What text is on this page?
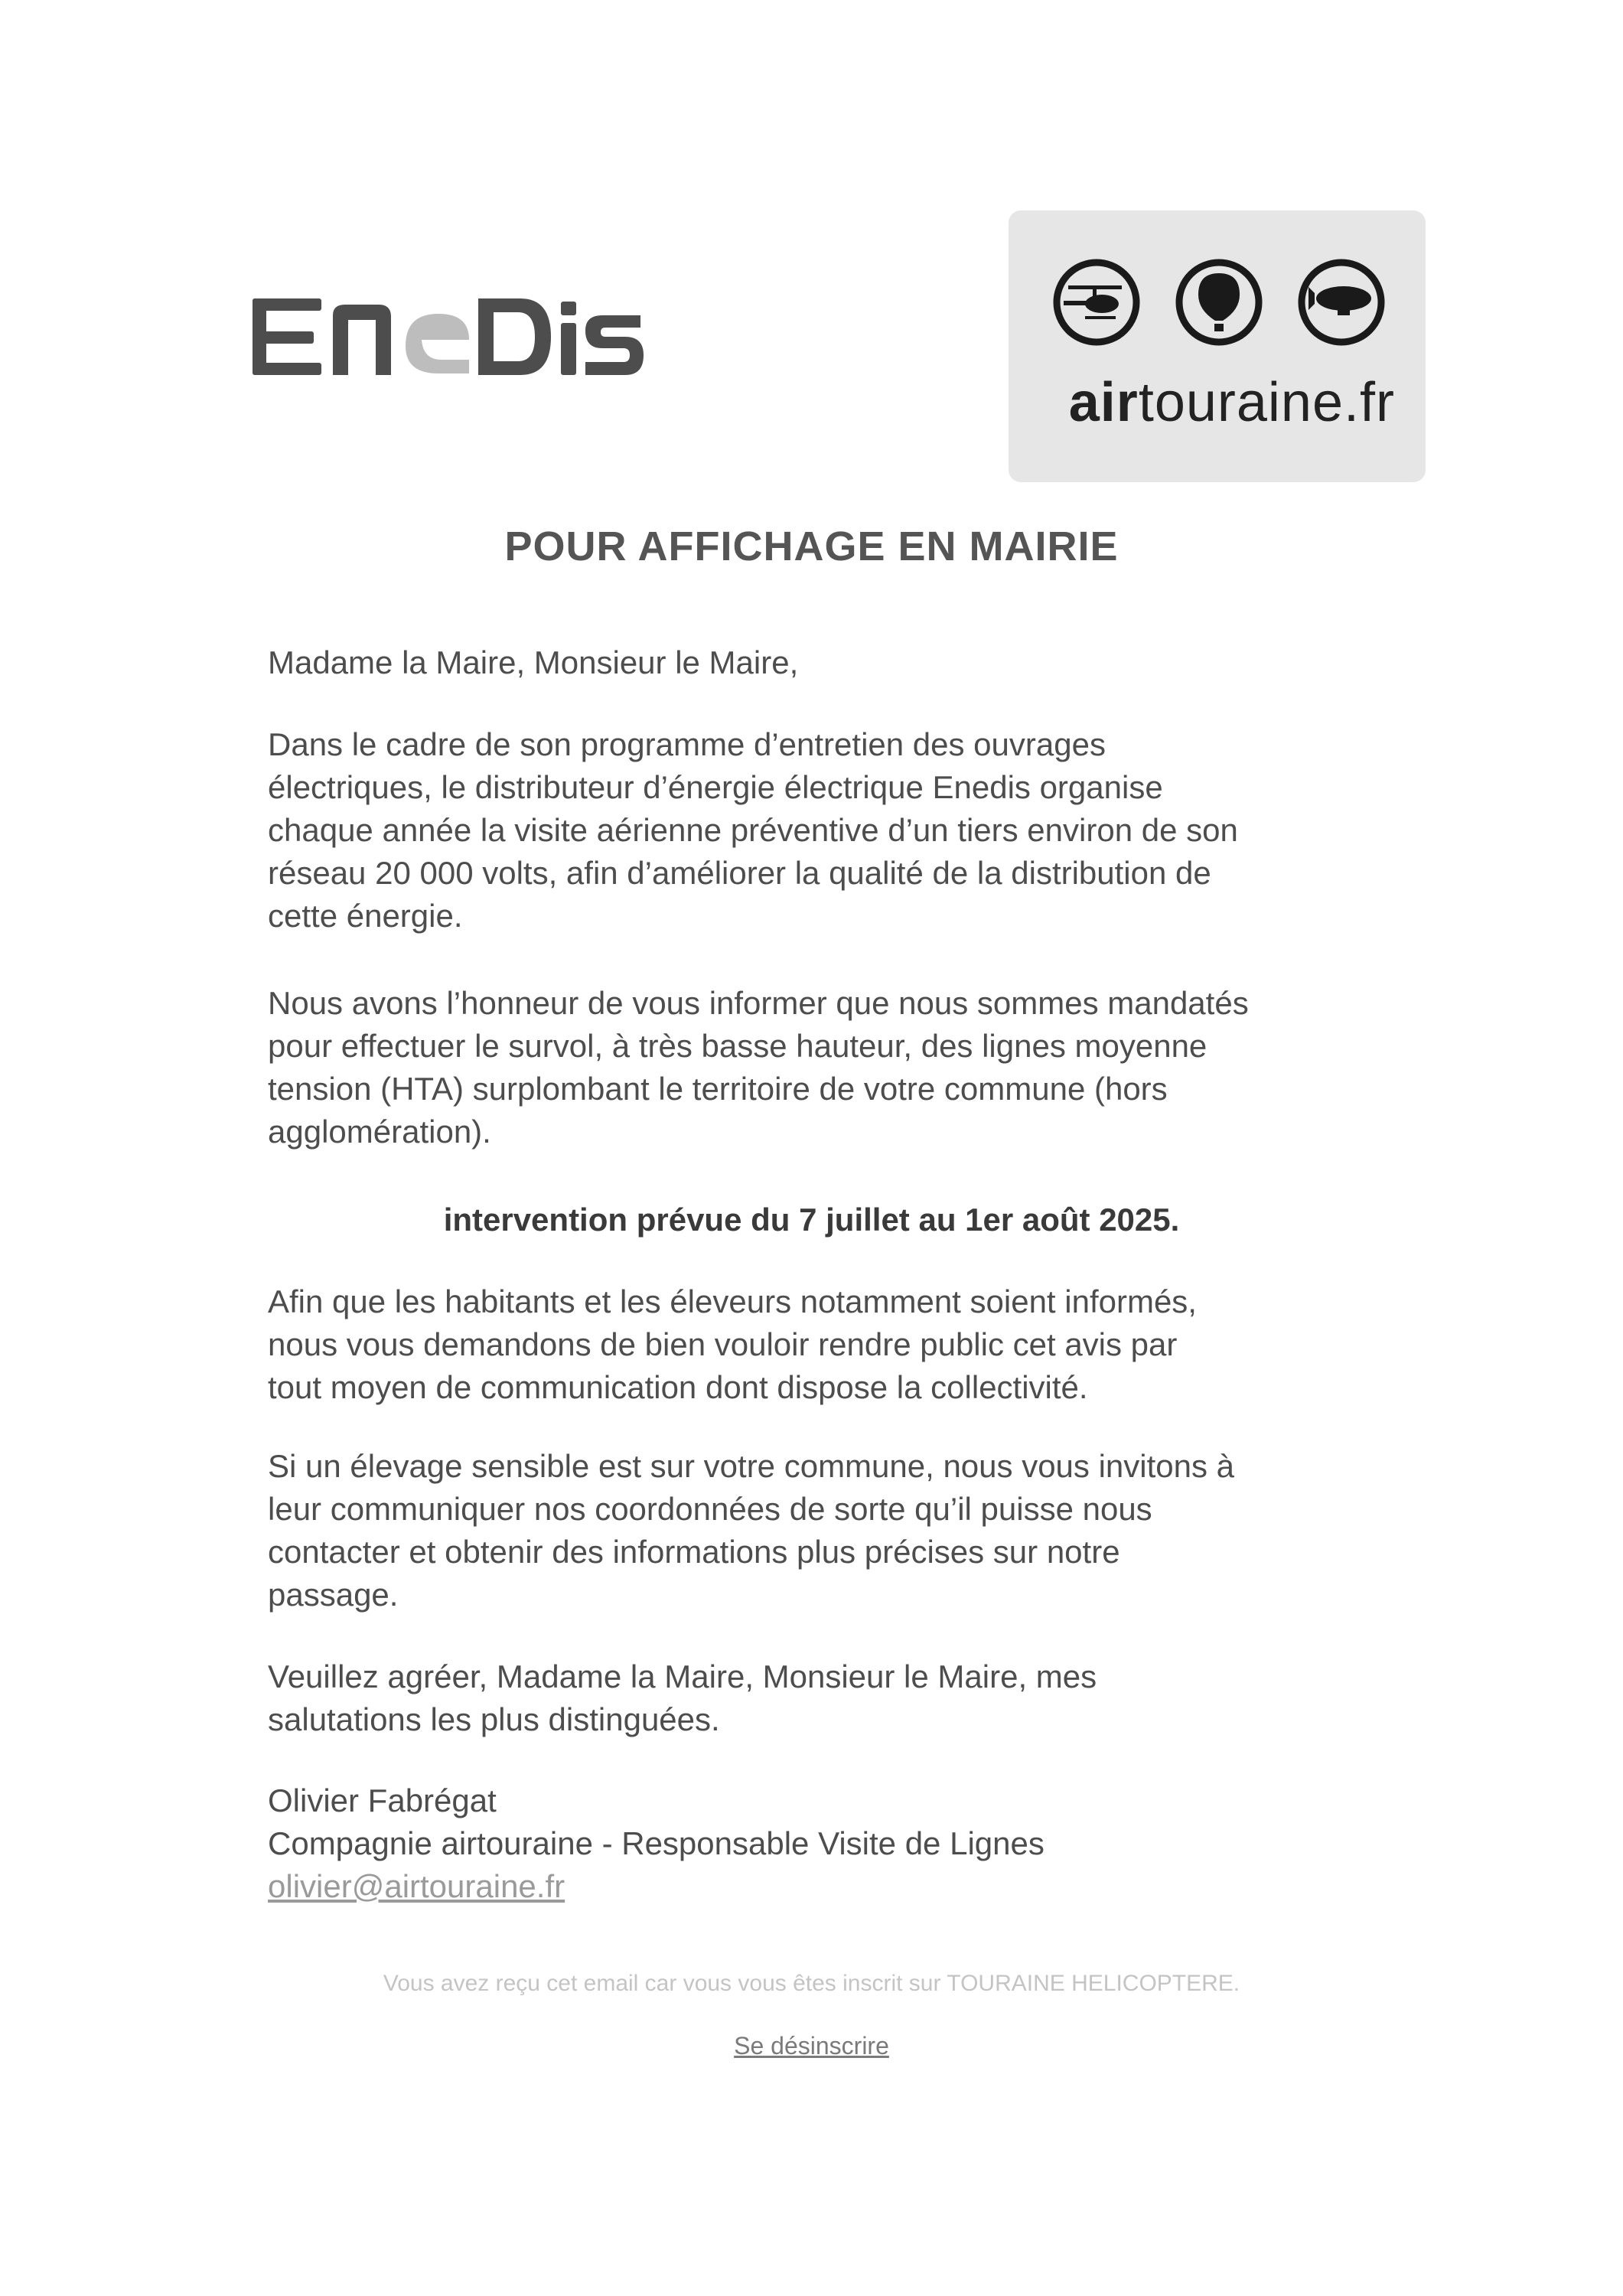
airtouraine.fr
POUR AFFICHAGE EN MAIRIE
Madame la Maire, Monsieur le Maire,
Dans le cadre de son programme d’entretien des ouvrages
électriques, le distributeur d’énergie électrique Enedis organise
chaque année la visite aérienne préventive d’un tiers environ de son
réseau 20 000 volts, afin d’améliorer la qualité de la distribution de
cette énergie.
Nous avons l’honneur de vous informer que nous sommes mandatés
pour effectuer le survol, à très basse hauteur, des lignes moyenne
tension (HTA) surplombant le territoire de votre commune (hors
agglomération).
intervention prévue du 7 juillet au 1er août 2025.
Afin que les habitants et les éleveurs notamment soient informés,
nous vous demandons de bien vouloir rendre public cet avis par
tout moyen de communication dont dispose la collectivité.
Si un élevage sensible est sur votre commune, nous vous invitons à
leur communiquer nos coordonnées de sorte qu’il puisse nous
contacter et obtenir des informations plus précises sur notre
passage.
Veuillez agréer, Madame la Maire, Monsieur le Maire, mes
salutations les plus distinguées.
Olivier Fabrégat
Compagnie airtouraine - Responsable Visite de Lignes
olivier@airtouraine.fr
Vous avez reçu cet email car vous vous êtes inscrit sur TOURAINE HELICOPTERE.
Se désinscrire
